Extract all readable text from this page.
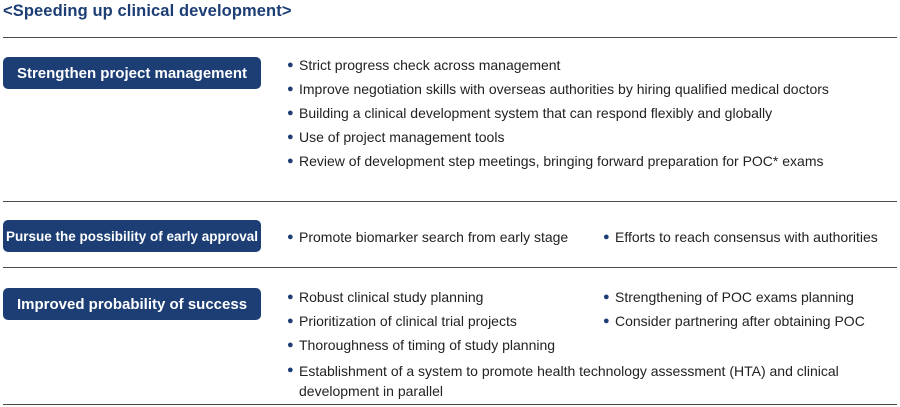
<Speeding up clinical development>
Strengthen project management	● Strict progress check across management
● Improve negotiation skills with overseas authorities by hiring qualified medical doctors
● Building a clinical development system that can respond flexibly and globally
● Use of project management tools
● Review of development step meetings, bringing forward preparation for POC* exams
Pursue the possibility of early approval	● Promote biomarker search from early stage	● Efforts to reach consensus with authorities
Improved probability of success	● Robust clinical study planning	● Strengthening of POC exams planning
● Prioritization of clinical trial projects	● Consider partnering after obtaining POC
● Thoroughness of timing of study planning
● Establishment of a system to promote health technology assessment (HTA) and clinical development in parallel
